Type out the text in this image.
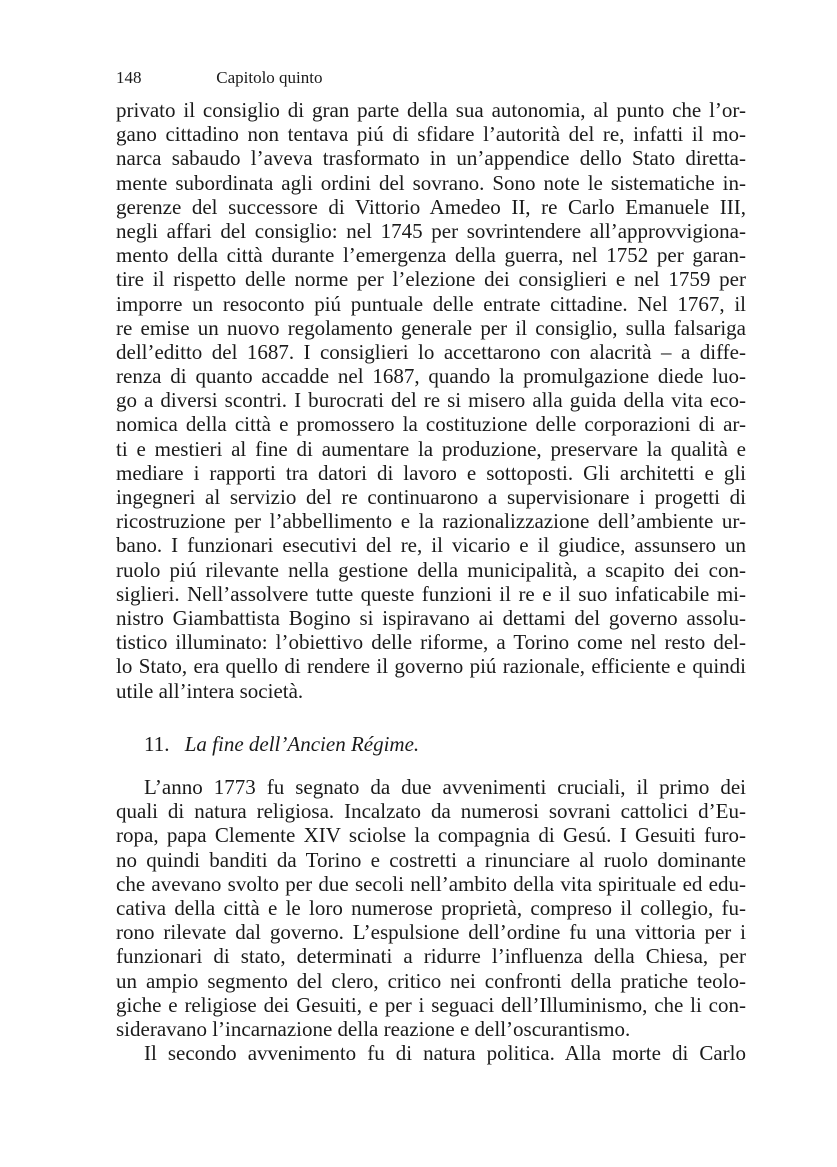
148	Capitolo quinto
privato il consiglio di gran parte della sua autonomia, al punto che l’or-
gano cittadino non tentava piú di sfidare l’autorità del re, infatti il mo-
narca sabaudo l’aveva trasformato in un’appendice dello Stato diretta-
mente subordinata agli ordini del sovrano. Sono note le sistematiche in-
gerenze del successore di Vittorio Amedeo II, re Carlo Emanuele III,
negli affari del consiglio: nel 1745 per sovrintendere all’approvvigiona-
mento della città durante l’emergenza della guerra, nel 1752 per garan-
tire il rispetto delle norme per l’elezione dei consiglieri e nel 1759 per
imporre un resoconto piú puntuale delle entrate cittadine. Nel 1767, il
re emise un nuovo regolamento generale per il consiglio, sulla falsariga
dell’editto del 1687. I consiglieri lo accettarono con alacrità – a diffe-
renza di quanto accadde nel 1687, quando la promulgazione diede luo-
go a diversi scontri. I burocrati del re si misero alla guida della vita eco-
nomica della città e promossero la costituzione delle corporazioni di ar-
ti e mestieri al fine di aumentare la produzione, preservare la qualità e
mediare i rapporti tra datori di lavoro e sottoposti. Gli architetti e gli
ingegneri al servizio del re continuarono a supervisionare i progetti di
ricostruzione per l’abbellimento e la razionalizzazione dell’ambiente ur-
bano. I funzionari esecutivi del re, il vicario e il giudice, assunsero un
ruolo piú rilevante nella gestione della municipalità, a scapito dei con-
siglieri. Nell’assolvere tutte queste funzioni il re e il suo infaticabile mi-
nistro Giambattista Bogino si ispiravano ai dettami del governo assolu-
tistico illuminato: l’obiettivo delle riforme, a Torino come nel resto del-
lo Stato, era quello di rendere il governo piú razionale, efficiente e quindi
utile all’intera società.
11. La fine dell’Ancien Régime.
L’anno 1773 fu segnato da due avvenimenti cruciali, il primo dei
quali di natura religiosa. Incalzato da numerosi sovrani cattolici d’Eu-
ropa, papa Clemente XIV sciolse la compagnia di Gesú. I Gesuiti furo-
no quindi banditi da Torino e costretti a rinunciare al ruolo dominante
che avevano svolto per due secoli nell’ambito della vita spirituale ed edu-
cativa della città e le loro numerose proprietà, compreso il collegio, fu-
rono rilevate dal governo. L’espulsione dell’ordine fu una vittoria per i
funzionari di stato, determinati a ridurre l’influenza della Chiesa, per
un ampio segmento del clero, critico nei confronti della pratiche teolo-
giche e religiose dei Gesuiti, e per i seguaci dell’Illuminismo, che li con-
sideravano l’incarnazione della reazione e dell’oscurantismo.
Il secondo avvenimento fu di natura politica. Alla morte di Carlo
